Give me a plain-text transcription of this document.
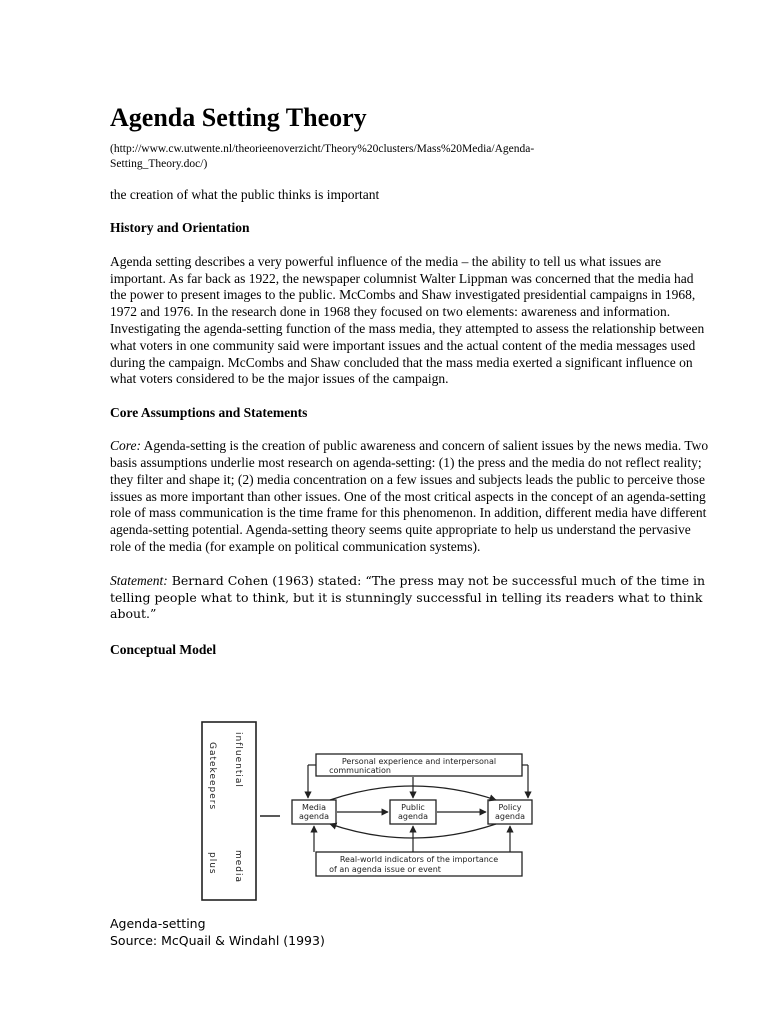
Agenda Setting Theory
(http://www.cw.utwente.nl/theorieenoverzicht/Theory%20clusters/Mass%20Media/Agenda-Setting_Theory.doc/)

the creation of what the public thinks is important

History and Orientation

Agenda setting describes a very powerful influence of the media – the ability to tell us what issues are important. As far back as 1922, the newspaper columnist Walter Lippman was concerned that the media had the power to present images to the public. McCombs and Shaw investigated presidential campaigns in 1968, 1972 and 1976. In the research done in 1968 they focused on two elements: awareness and information. Investigating the agenda-setting function of the mass media, they attempted to assess the relationship between what voters in one community said were important issues and the actual content of the media messages used during the campaign. McCombs and Shaw concluded that the mass media exerted a significant influence on what voters considered to be the major issues of the campaign.

Core Assumptions and Statements

Core: Agenda-setting is the creation of public awareness and concern of salient issues by the news media. Two basis assumptions underlie most research on agenda-setting: (1) the press and the media do not reflect reality; they filter and shape it; (2) media concentration on a few issues and subjects leads the public to perceive those issues as more important than other issues. One of the most critical aspects in the concept of an agenda-setting role of mass communication is the time frame for this phenomenon. In addition, different media have different agenda-setting potential. Agenda-setting theory seems quite appropriate to help us understand the pervasive role of the media (for example on political communication systems).

Statement: Bernard Cohen (1963) stated: “The press may not be successful much of the time in telling people what to think, but it is stunningly successful in telling its readers what to think about.”

Conceptual Model
Gatekeepers
plus
influential
media
Personal experience and interpersonal
communication
Media
agenda
Public
agenda
Policy
agenda
Real-world indicators of the importance
of an agenda issue or event
Agenda-setting
Source: McQuail & Windahl (1993)
